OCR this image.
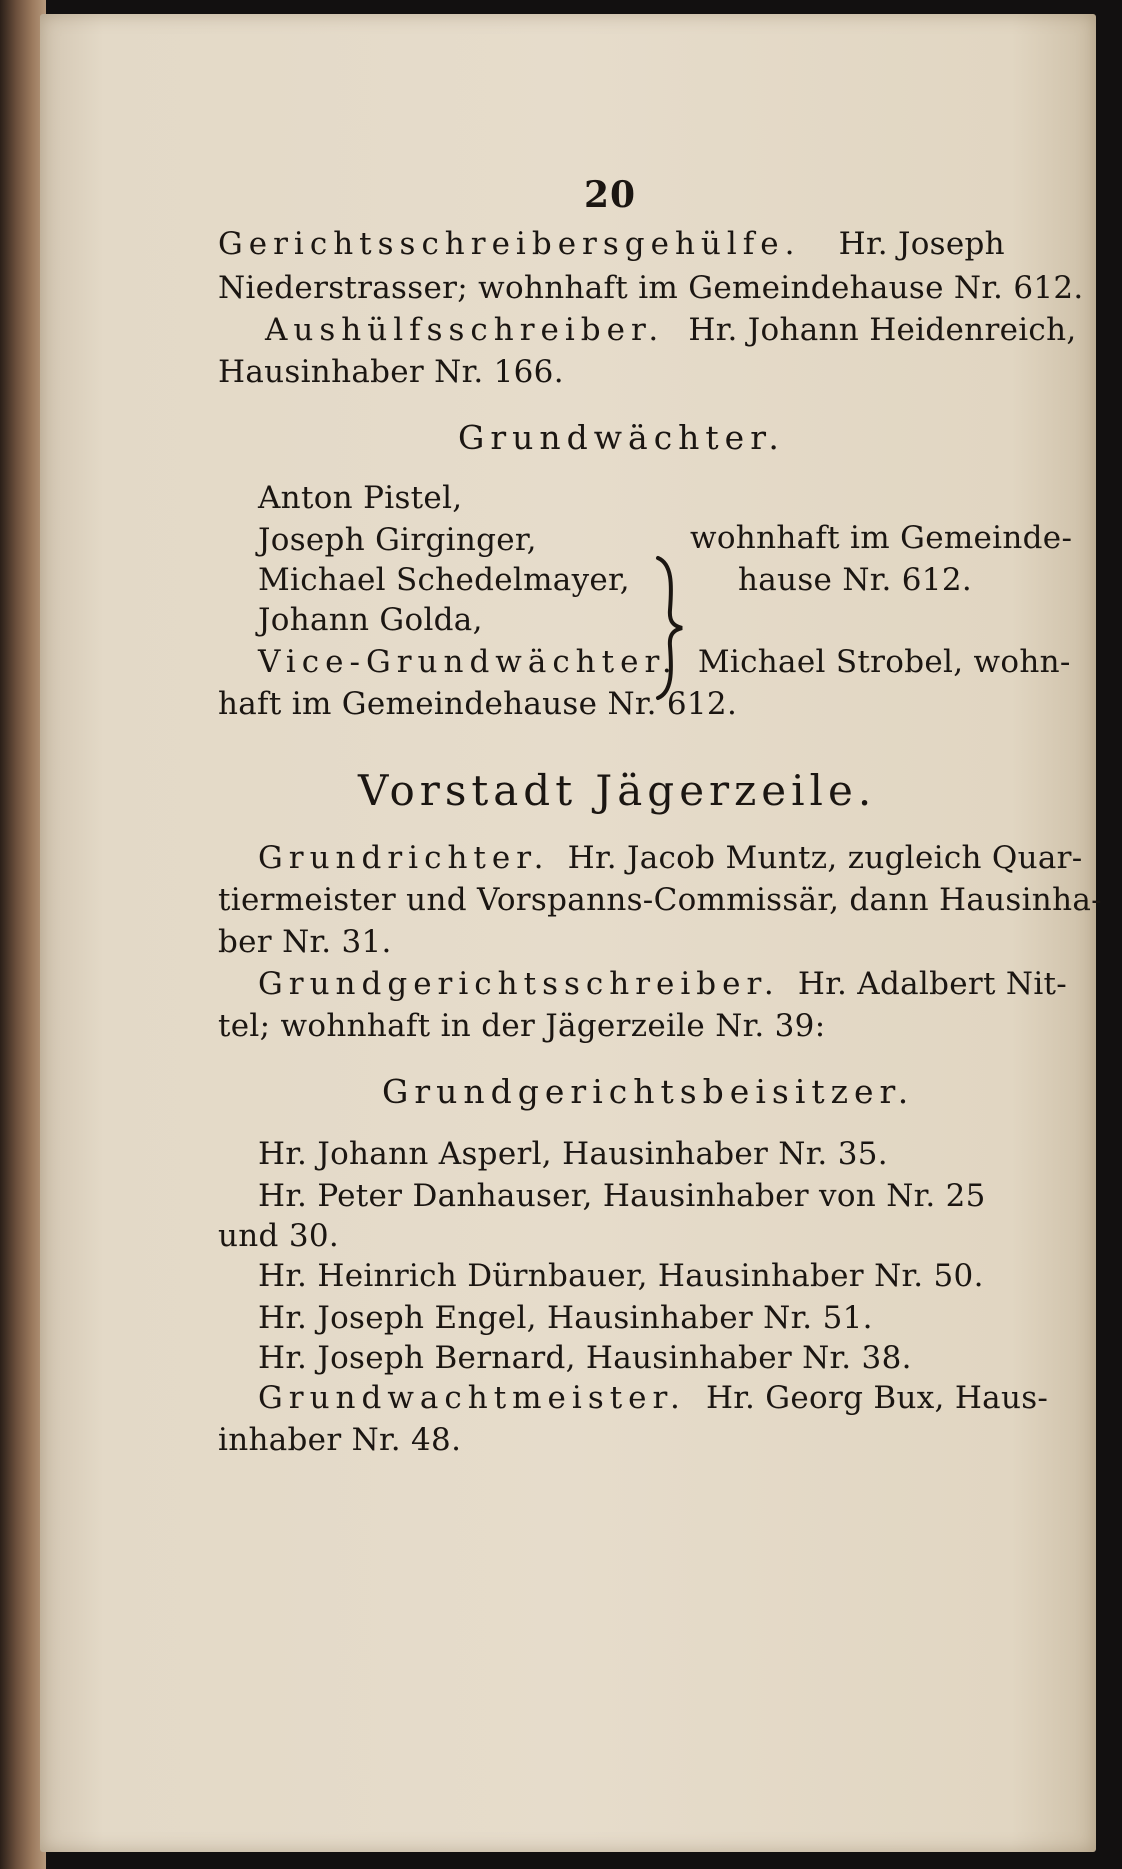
20
Gerichtsschreibersgehülfe. Hr. Joseph
Niederstrasser; wohnhaft im Gemeindehause Nr. 612.
Aushülfsschreiber. Hr. Johann Heidenreich,
Hausinhaber Nr. 166.
Grundwächter.
Anton Pistel,
Joseph Girginger,
Michael Schedelmayer,
Johann Golda,
wohnhaft im Gemeinde-
hause Nr. 612.
Vice-Grundwächter. Michael Strobel, wohn-
haft im Gemeindehause Nr. 612.
Vorstadt Jägerzeile.
Grundrichter. Hr. Jacob Muntz, zugleich Quar-
tiermeister und Vorspanns-Commissär, dann Hausinha-
ber Nr. 31.
Grundgerichtsschreiber. Hr. Adalbert Nit-
tel; wohnhaft in der Jägerzeile Nr. 39:
Grundgerichtsbeisitzer.
Hr. Johann Asperl, Hausinhaber Nr. 35.
Hr. Peter Danhauser, Hausinhaber von Nr. 25
und 30.
Hr. Heinrich Dürnbauer, Hausinhaber Nr. 50.
Hr. Joseph Engel, Hausinhaber Nr. 51.
Hr. Joseph Bernard, Hausinhaber Nr. 38.
Grundwachtmeister. Hr. Georg Bux, Haus-
inhaber Nr. 48.
